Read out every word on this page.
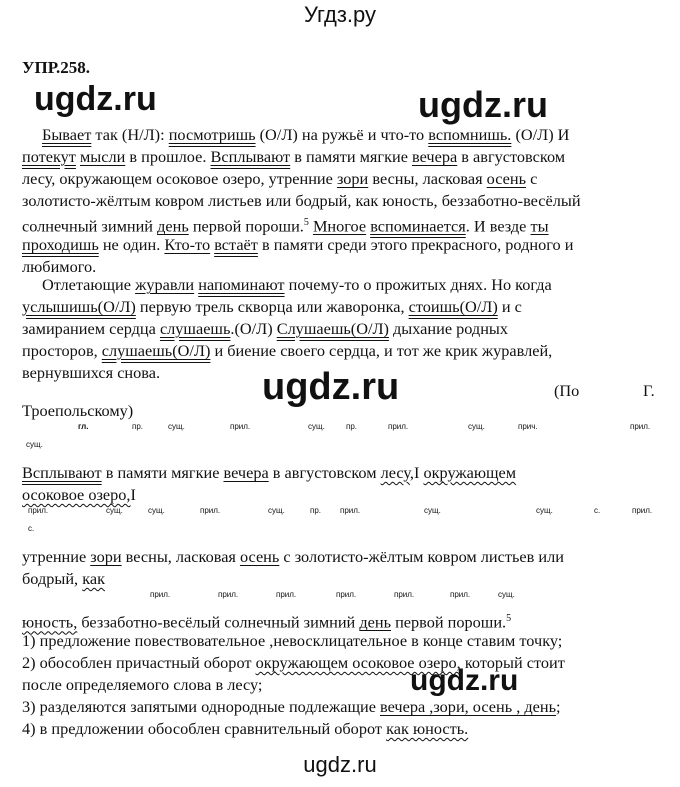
Угдз.ру
УПР.258.
ugdz.ru	ugdz.ru
Бывает так (Н/Л): посмотришь (О/Л) на ружьё и что-то вспомнишь. (О/Л) И
потекут мысли в прошлое. Всплывают в памяти мягкие вечера в августовском
лесу, окружающем осоковое озеро, утренние зори весны, ласковая осень с
золотисто-жёлтым ковром листьев или бодрый, как юность, беззаботно-весёлый
солнечный зимний день первой пороши.$^5$ Многое вспоминается. И везде ты
проходишь не один. Кто-то встаёт в памяти среди этого прекрасного, родного и
любимого.
Отлетающие журавли напоминают почему-то о прожитых днях. Но когда
услышишь(О/Л) первую трель скворца или жаворонка, стоишь(О/Л) и с
замиранием сердца слушаешь.(О/Л) Слушаешь(О/Л) дыхание родных
просторов, слушаешь(О/Л) и биение своего сердца, и тот же крик журавлей,
вернувшихся снова.	ugdz.ru	(По	Г.
Троепольскому)
гл.	пр.	сущ.	прил.	сущ.	пр.	прил.	сущ.	прич.	прил.
сущ.
Всплывают в памяти мягкие вечера в августовском лесу,I окружающем
осоковое озеро,I
прил.	сущ.	сущ.	прил.	сущ.	пр. прил.	сущ.	сущ.	с.	прил.
с.
утренние зори весны, ласковая осень с золотисто-жёлтым ковром листьев или
бодрый, как
прил.	прил.	прил.	прил.	прил.	прил.	сущ.
юность, беззаботно-весёлый солнечный зимний день первой пороши.$^5$
1) предложение повествовательное ,невосклицательное в конце ставим точку;
2) обособлен причастный оборот окружающем осоковое озеро, который стоит
после определяемого слова в лесу;	ugdz.ru
3) разделяются запятыми однородные подлежащие вечера ,зори, осень , день;
4) в предложении обособлен сравнительный оборот как юность.
ugdz.ru
